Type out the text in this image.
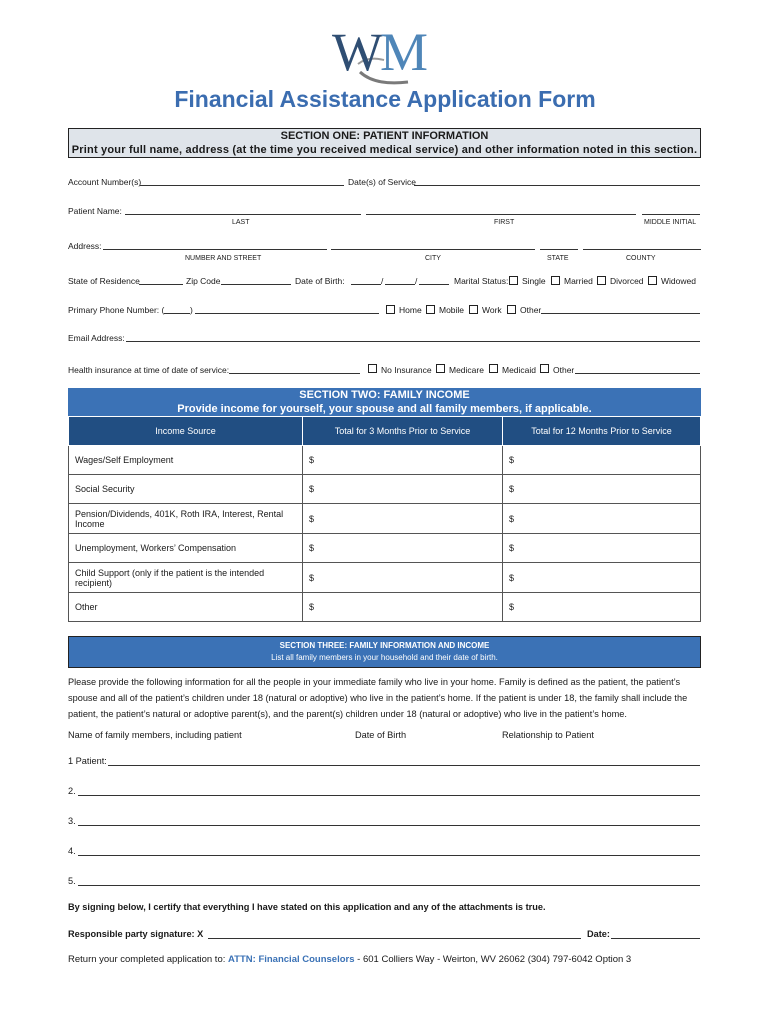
W M
Financial Assistance Application Form
SECTION ONE: PATIENT INFORMATION
Print your full name, address (at the time you received medical service) and other information noted in this section.
Account Number(s)	Date(s) of Service
Patient Name:
LAST	FIRST	MIDDLE INITIAL
Address:
NUMBER AND STREET	CITY	STATE	COUNTY
State of Residence	Zip Code	Date of Birth:	/	/	Marital Status: Single Married Divorced Widowed
Primary Phone Number: (	)	Home Mobile Work Other
Email Address:
Health insurance at time of date of service:	No Insurance Medicare Medicaid Other
SECTION TWO: FAMILY INCOME
Provide income for yourself, your spouse and all family members, if applicable.
Income Source	Total for 3 Months Prior to Service	Total for 12 Months Prior to Service
Wages/Self Employment	$	$
Social Security	$	$
Pension/Dividends, 401K, Roth IRA, Interest, Rental Income	$	$
Unemployment, Workers’ Compensation	$	$
Child Support (only if the patient is the intended recipient)	$	$
Other	$	$
SECTION THREE: FAMILY INFORMATION AND INCOME
List all family members in your household and their date of birth.
Please provide the following information for all the people in your immediate family who live in your home. Family is defined as the patient, the patient’s spouse and all of the patient’s children under 18 (natural or adoptive) who live in the patient’s home. If the patient is under 18, the family shall include the patient, the patient’s natural or adoptive parent(s), and the parent(s) children under 18 (natural or adoptive) who live in the patient’s home.
Name of family members, including patient	Date of Birth	Relationship to Patient
1 Patient:
2.
3.
4.
5.
By signing below, I certify that everything I have stated on this application and any of the attachments is true.
Responsible party signature: X	Date:
Return your completed application to: ATTN: Financial Counselors - 601 Colliers Way - Weirton, WV 26062 (304) 797-6042 Option 3
